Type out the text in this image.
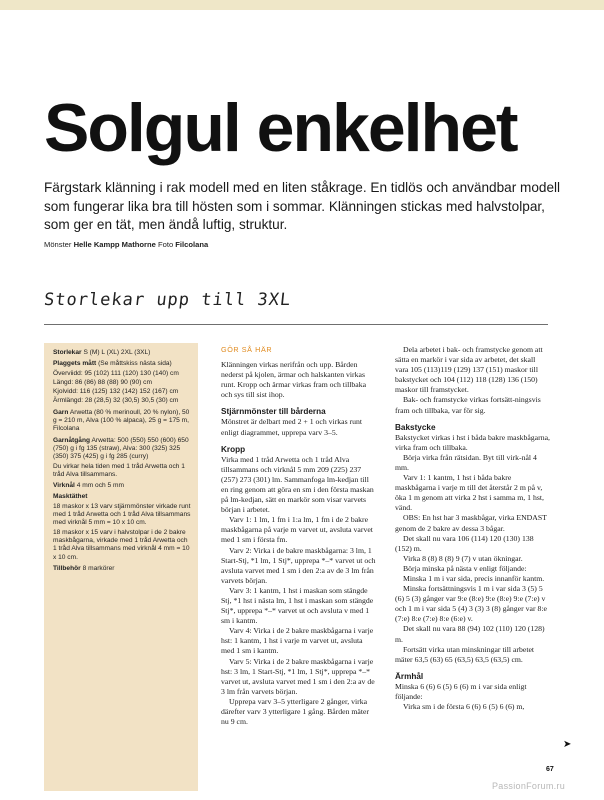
Solgul enkelhet

Färgstark klänning i rak modell med en liten ståkrage. En tidlös och användbar modell som fungerar lika bra till hösten som i sommar. Klänningen stickas med halvstolpar, som ger en tät, men ändå luftig, struktur.

Mönster Helle Kampp Mathorne Foto Filcolana
Storlekar upp till 3XL

Storlekar S (M) L (XL) 2XL (3XL)

Plaggets mått (Se måttskiss nästa sida)

Överviidd: 95 (102) 111 (120) 130 (140) cm

Längd: 86 (86) 88 (88) 90 (90) cm

Kjolvidd: 116 (125) 132 (142) 152 (167) cm

Ärmlängd: 28 (28,5) 32 (30,5) 30,5 (30) cm

Garn Arwetta (80 % merinoull, 20 % nylon), 50 g = 210 m, Alva (100 % alpaca), 25 g = 175 m, Filcolana

Garnåtgång Arwetta: 500 (550) 550 (600) 650 (750) g i fg 135 (straw), Alva: 300 (325) 325 (350) 375 (425) g i fg 285 (curry)

Du virkar hela tiden med 1 tråd Arwetta och 1 tråd Alva tillsammans.

Virknål 4 mm och 5 mm

Masktäthet

18 maskor x 13 varv stjärnmönster virkade runt med 1 tråd Arwetta och 1 tråd Alva tillsammans med virknål 5 mm = 10 x 10 cm.

18 maskor x 15 varv i halvstolpar i de 2 bakre maskbågarna, virkade med 1 tråd Arwetta och 1 tråd Alva tillsammans med virknål 4 mm = 10 x 10 cm.

Tillbehör 8 markörer

GÖR SÅ HÄR

Klänningen virkas nerifrån och upp. Bården nederst på kjolen, ärmar och halskanten virkas runt. Kropp och ärmar virkas fram och tillbaka och sys till sist ihop.

Stjärnmönster till bårderna

Mönstret är delbart med 2 + 1 och virkas runt enligt diagrammet, upprepa varv 3–5.

Kropp

Virka med 1 tråd Arwetta och 1 tråd Alva tillsammans och virknål 5 mm 209 (225) 237 (257) 273 (301) lm. Sammanfoga lm-kedjan till en ring genom att göra en sm i den första maskan på lm-kedjan, sätt en markör som visar varvets början i arbetet.

Varv 1: 1 lm, 1 fm i 1:a lm, 1 fm i de 2 bakre maskbågarna på varje m varvet ut, avsluta varvet med 1 sm i första fm.

Varv 2: Virka i de bakre maskbågarna: 3 lm, 1 Start-Stj, *1 lm, 1 Stj*, upprepa *–* varvet ut och avsluta varvet med 1 sm i den 2:a av de 3 lm från varvets början.

Varv 3: 1 kantm, 1 hst i maskan som stängde Stj, *1 hst i nästa lm, 1 hst i maskan som stängde Stj*, upprepa *–* varvet ut och avsluta v med 1 sm i kantm.

Varv 4: Virka i de 2 bakre maskbågarna i varje hst: 1 kantm, 1 hst i varje m varvet ut, avsluta med 1 sm i kantm.

Varv 5: Virka i de 2 bakre maskbågarna i varje hst: 3 lm, 1 Start-Stj, *1 lm, 1 Stj*, upprepa *–* varvet ut, avsluta varvet med 1 sm i den 2:a av de 3 lm från varvets början.

Upprepa varv 3–5 ytterligare 2 gånger, virka därefter varv 3 ytterligare 1 gång. Bården mäter nu 9 cm.

Dela arbetet i bak- och framstycke genom att sätta en markör i var sida av arbetet, det skall vara 105 (113)119 (129) 137 (151) maskor till bakstycket och 104 (112) 118 (128) 136 (150) maskor till framstycket.

Bak- och framstycke virkas fortsätt-ningsvis fram och tillbaka, var för sig.

Bakstycke

Bakstycket virkas i hst i båda bakre maskbågarna, virka fram och tillbaka.

Börja virka från rätsidan. Byt till virk-nål 4 mm.

Varv 1: 1 kantm, 1 hst i båda bakre maskbågarna i varje m till det återstår 2 m på v, öka 1 m genom att virka 2 hst i samma m, 1 hst, vänd.

OBS: En hst har 3 maskbågar, virka ENDAST genom de 2 bakre av dessa 3 bågar.

Det skall nu vara 106 (114) 120 (130) 138 (152) m.

Virka 8 (8) 8 (8) 9 (7) v utan ökningar.

Börja minska på nästa v enligt följande:

Minska 1 m i var sida, precis innanför kantm.

Minska fortsättningsvis 1 m i var sida 3 (5) 5 (6) 5 (3) gånger var 9:e (8:e) 9:e (8:e) 9:e (7:e) v och 1 m i var sida 5 (4) 3 (3) 3 (8) gånger var 8:e (7:e) 8:e (7:e) 8:e (6:e) v.

Det skall nu vara 88 (94) 102 (110) 120 (128) m.

Fortsätt virka utan minskningar till arbetet mäter 63,5 (63) 65 (63,5) 63,5 (63,5) cm.

Ärmhål

Minska 6 (6) 6 (5) 6 (6) m i var sida enligt följande:

Virka sm i de första 6 (6) 6 (5) 6 (6) m,

➤
67
PassionForum.ru
